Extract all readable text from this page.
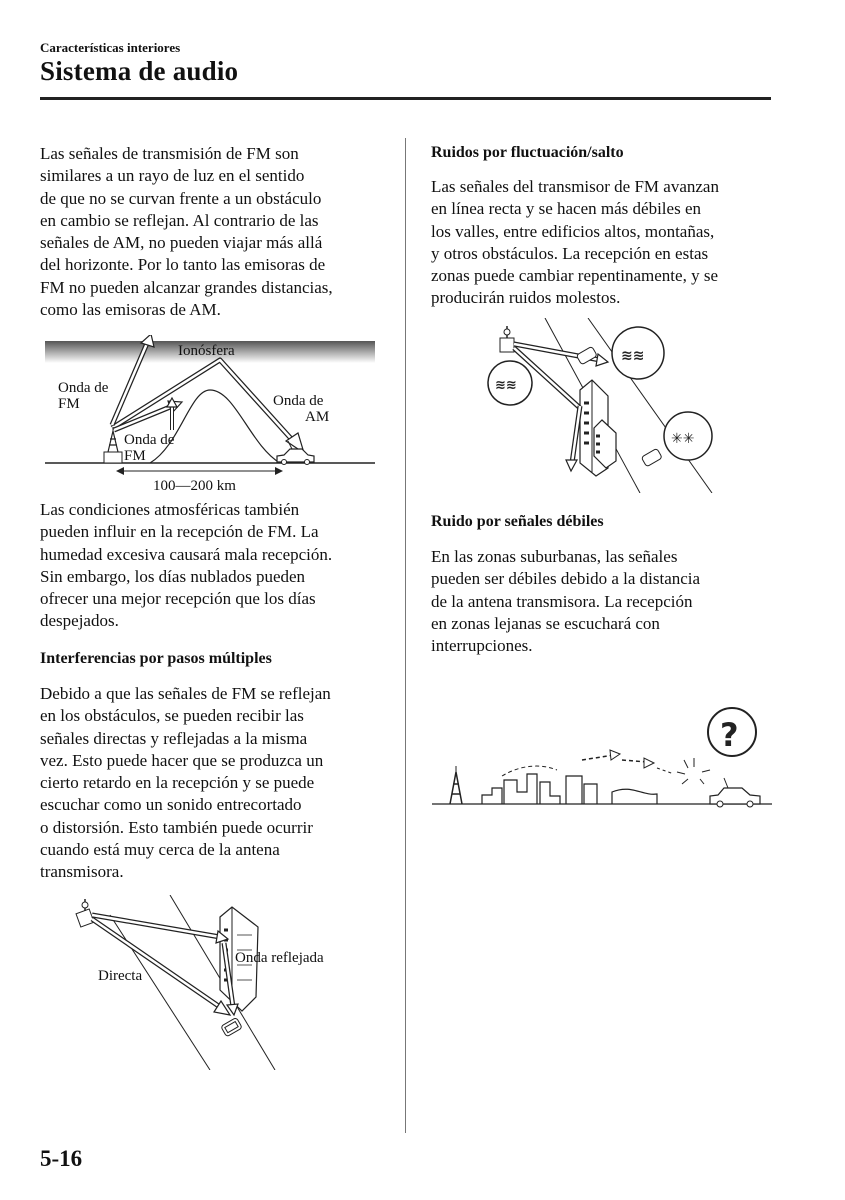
Características interiores
Sistema de audio

Las señales de transmisión de FM son

similares a un rayo de luz en el sentido

de que no se curvan frente a un obstáculo

en cambio se reflejan. Al contrario de las

señales de AM, no pueden viajar más allá

del horizonte. Por lo tanto las emisoras de

FM no pueden alcanzar grandes distancias,

como las emisoras de AM.

Ionósfera
100—200 km
Onda de
FM	Onda de
AM
Onda de
FM

Las condiciones atmosféricas también

pueden influir en la recepción de FM. La

humedad excesiva causará mala recepción.

Sin embargo, los días nublados pueden

ofrecer una mejor recepción que los días

despejados.

Interferencias por pasos múltiples

Debido a que las señales de FM se reflejan

en los obstáculos, se pueden recibir las

señales directas y reflejadas a la misma

vez. Esto puede hacer que se produzca un

cierto retardo en la recepción y se puede

escuchar como un sonido entrecortado

o distorsión. Esto también puede ocurrir

cuando está muy cerca de la antena

transmisora.

Onda reflejada
Directa

Ruidos por fluctuación/salto

Las señales del transmisor de FM avanzan

en línea recta y se hacen más débiles en

los valles, entre edificios altos, montañas,

y otros obstáculos. La recepción en estas

zonas puede cambiar repentinamente, y se

producirán ruidos molestos.

≋≋
≋≋
✳✳

Ruido por señales débiles

En las zonas suburbanas, las señales

pueden ser débiles debido a la distancia

de la antena transmisora. La recepción

en zonas lejanas se escuchará con

interrupciones.

?
5-16
